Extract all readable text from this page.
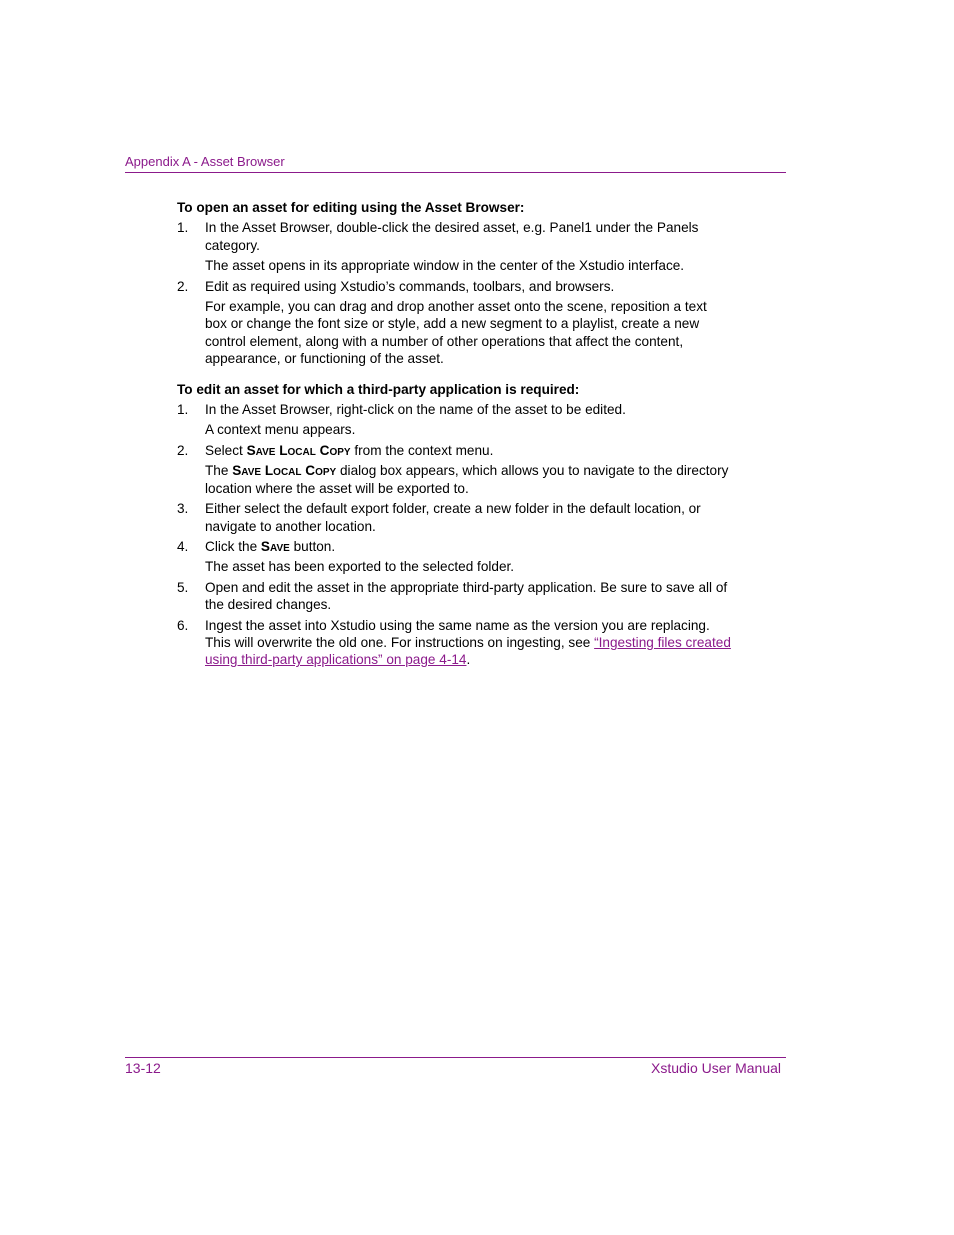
Appendix A - Asset Browser

To open an asset for editing using the Asset Browser:

1. In the Asset Browser, double-click the desired asset, e.g. Panel1 under the Panels category.

The asset opens in its appropriate window in the center of the Xstudio interface.

2. Edit as required using Xstudio’s commands, toolbars, and browsers.

For example, you can drag and drop another asset onto the scene, reposition a text box or change the font size or style, add a new segment to a playlist, create a new control element, along with a number of other operations that affect the content, appearance, or functioning of the asset.

To edit an asset for which a third-party application is required:

1. In the Asset Browser, right-click on the name of the asset to be edited.

A context menu appears.

2. Select Save Local Copy from the context menu.

The Save Local Copy dialog box appears, which allows you to navigate to the directory location where the asset will be exported to.

3. Either select the default export folder, create a new folder in the default location, or navigate to another location.
4. Click the Save button.

The asset has been exported to the selected folder.

5. Open and edit the asset in the appropriate third-party application. Be sure to save all of the desired changes.
6. Ingest the asset into Xstudio using the same name as the version you are replacing. This will overwrite the old one. For instructions on ingesting, see “Ingesting files created using third-party applications” on page 4-14.
13-12	Xstudio User Manual
